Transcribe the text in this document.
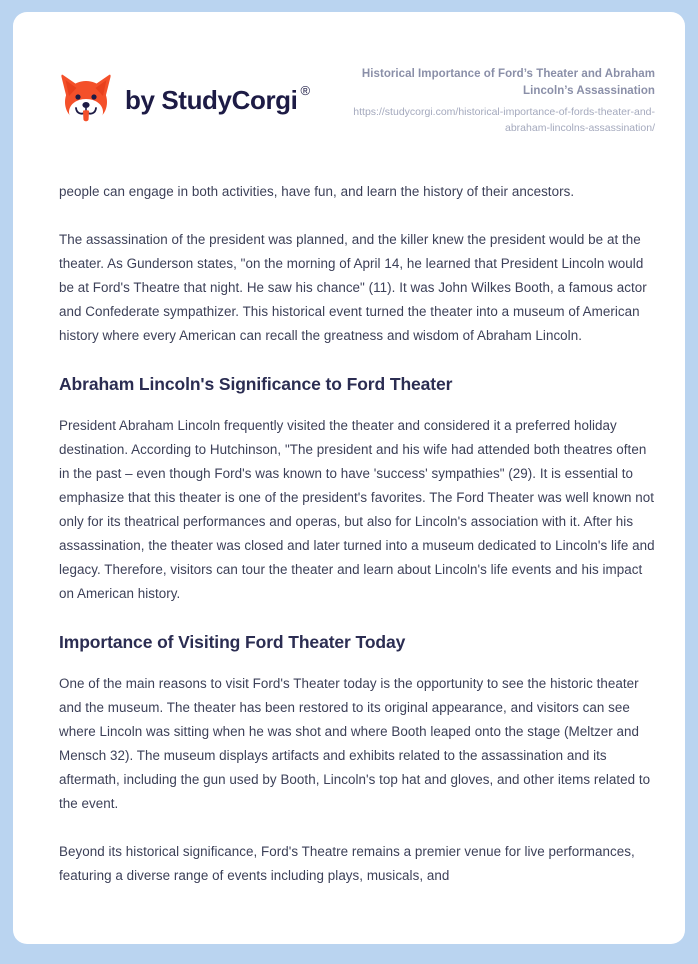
by StudyCorgi ®

Historical Importance of Ford’s Theater and Abraham Lincoln’s Assassination

https://studycorgi.com/historical-importance-of-fords-theater-and-abraham-lincolns-assassination/

people can engage in both activities, have fun, and learn the history of their ancestors.

The assassination of the president was planned, and the killer knew the president would be at the theater. As Gunderson states, "on the morning of April 14, he learned that President Lincoln would be at Ford's Theatre that night. He saw his chance" (11). It was John Wilkes Booth, a famous actor and Confederate sympathizer. This historical event turned the theater into a museum of American history where every American can recall the greatness and wisdom of Abraham Lincoln.

Abraham Lincoln's Significance to Ford Theater

President Abraham Lincoln frequently visited the theater and considered it a preferred holiday destination. According to Hutchinson, "The president and his wife had attended both theatres often in the past – even though Ford's was known to have 'success' sympathies" (29). It is essential to emphasize that this theater is one of the president's favorites. The Ford Theater was well known not only for its theatrical performances and operas, but also for Lincoln's association with it. After his assassination, the theater was closed and later turned into a museum dedicated to Lincoln's life and legacy. Therefore, visitors can tour the theater and learn about Lincoln's life events and his impact on American history.

Importance of Visiting Ford Theater Today

One of the main reasons to visit Ford's Theater today is the opportunity to see the historic theater and the museum. The theater has been restored to its original appearance, and visitors can see where Lincoln was sitting when he was shot and where Booth leaped onto the stage (Meltzer and Mensch 32). The museum displays artifacts and exhibits related to the assassination and its aftermath, including the gun used by Booth, Lincoln's top hat and gloves, and other items related to the event.

Beyond its historical significance, Ford's Theatre remains a premier venue for live performances, featuring a diverse range of events including plays, musicals, and
